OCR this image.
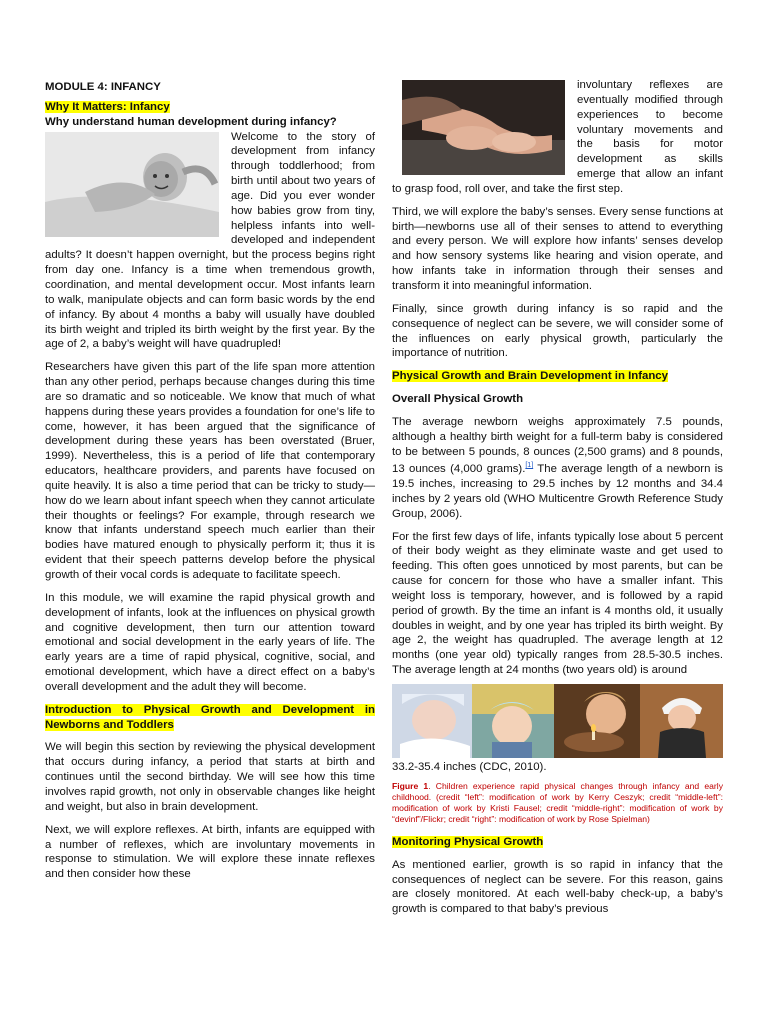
MODULE 4: INFANCY
Why It Matters: Infancy
Why understand human development during infancy?

Welcome to the story of development from infancy through toddlerhood; from birth until about two years of age. Did you ever wonder how babies grow from tiny, helpless infants into well-developed and independent adults? It doesn’t happen overnight, but the process begins right from day one. Infancy is a time when tremendous growth, coordination, and mental development occur. Most infants learn to walk, manipulate objects and can form basic words by the end of infancy. By about 4 months a baby will usually have doubled its birth weight and tripled its birth weight by the first year. By the age of 2, a baby’s weight will have quadrupled!

Researchers have given this part of the life span more attention than any other period, perhaps because changes during this time are so dramatic and so noticeable. We know that much of what happens during these years provides a foundation for one’s life to come, however, it has been argued that the significance of development during these years has been overstated (Bruer, 1999). Nevertheless, this is a period of life that contemporary educators, healthcare providers, and parents have focused on quite heavily. It is also a time period that can be tricky to study—how do we learn about infant speech when they cannot articulate their thoughts or feelings? For example, through research we know that infants understand speech much earlier than their bodies have matured enough to physically perform it; thus it is evident that their speech patterns develop before the physical growth of their vocal cords is adequate to facilitate speech.

In this module, we will examine the rapid physical growth and development of infants, look at the influences on physical growth and cognitive development, then turn our attention toward emotional and social development in the early years of life. The early years are a time of rapid physical, cognitive, social, and emotional development, which have a direct effect on a baby’s overall development and the adult they will become.

Introduction to Physical Growth and Development in Newborns and Toddlers

We will begin this section by reviewing the physical development that occurs during infancy, a period that starts at birth and continues until the second birthday. We will see how this time involves rapid growth, not only in observable changes like height and weight, but also in brain development.

Next, we will explore reflexes. At birth, infants are equipped with a number of reflexes, which are involuntary movements in response to stimulation. We will explore these innate reflexes and then consider how these

involuntary reflexes are eventually modified through experiences to become voluntary movements and the basis for motor development as skills emerge that allow an infant to grasp food, roll over, and take the first step.

Third, we will explore the baby’s senses. Every sense functions at birth—newborns use all of their senses to attend to everything and every person. We will explore how infants’ senses develop and how sensory systems like hearing and vision operate, and how infants take in information through their senses and transform it into meaningful information.

Finally, since growth during infancy is so rapid and the consequence of neglect can be severe, we will consider some of the influences on early physical growth, particularly the importance of nutrition.

Physical Growth and Brain Development in Infancy
Overall Physical Growth

The average newborn weighs approximately 7.5 pounds, although a healthy birth weight for a full-term baby is considered to be between 5 pounds, 8 ounces (2,500 grams) and 8 pounds, 13 ounces (4,000 grams).[1] The average length of a newborn is 19.5 inches, increasing to 29.5 inches by 12 months and 34.4 inches by 2 years old (WHO Multicentre Growth Reference Study Group, 2006).

For the first few days of life, infants typically lose about 5 percent of their body weight as they eliminate waste and get used to feeding. This often goes unnoticed by most parents, but can be cause for concern for those who have a smaller infant. This weight loss is temporary, however, and is followed by a rapid period of growth. By the time an infant is 4 months old, it usually doubles in weight, and by one year has tripled its birth weight. By age 2, the weight has quadrupled. The average length at 12 months (one year old) typically ranges from 28.5-30.5 inches. The average length at 24 months (two years old) is around

33.2-35.4 inches (CDC, 2010).

Figure 1. Children experience rapid physical changes through infancy and early childhood. (credit “left”: modification of work by Kerry Ceszyk; credit “middle-left”: modification of work by Kristi Fausel; credit “middle-right”: modification of work by “devinf”/Flickr; credit “right”: modification of work by Rose Spielman)

Monitoring Physical Growth

As mentioned earlier, growth is so rapid in infancy that the consequences of neglect can be severe. For this reason, gains are closely monitored. At each well-baby check-up, a baby’s growth is compared to that baby’s previous
